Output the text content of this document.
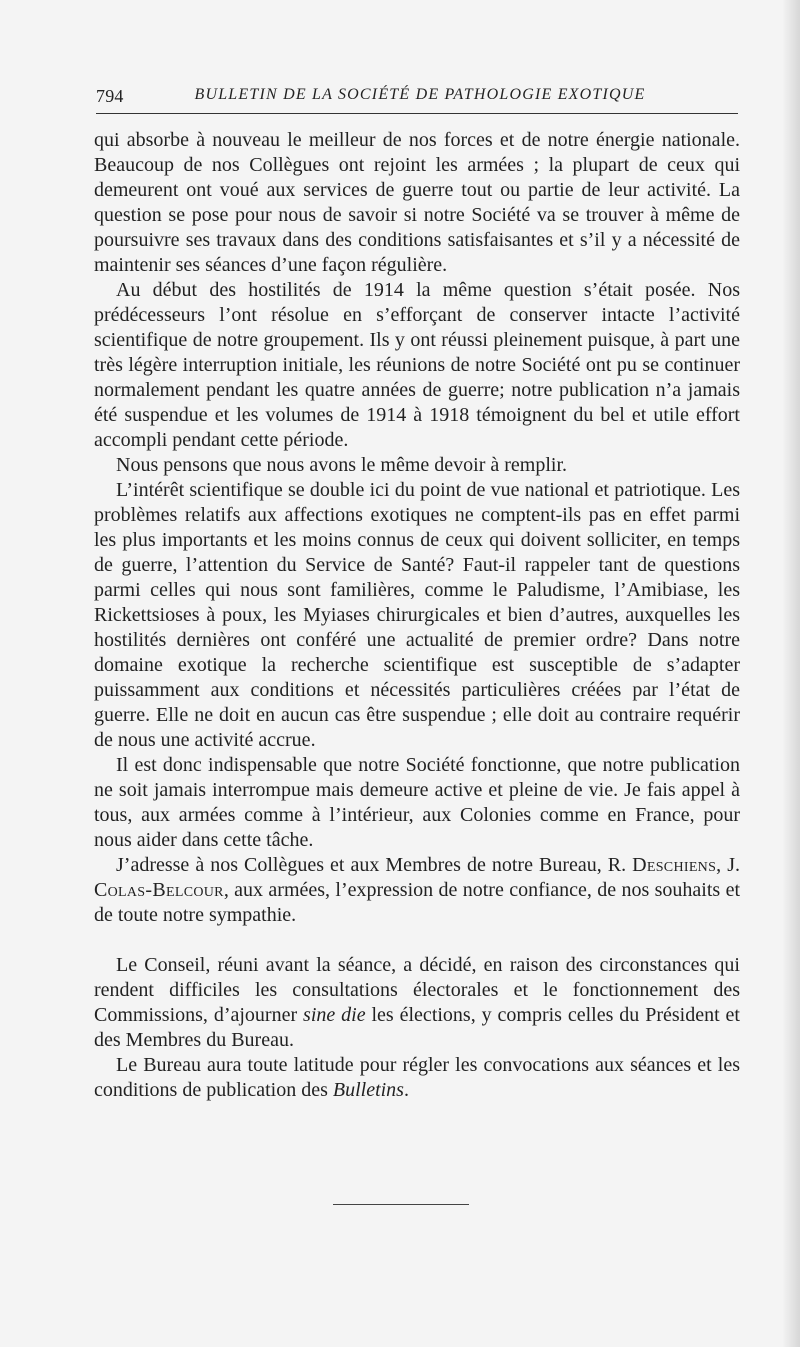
794	BULLETIN DE LA SOCIÉTÉ DE PATHOLOGIE EXOTIQUE

qui absorbe à nouveau le meilleur de nos forces et de notre énergie nationale. Beaucoup de nos Collègues ont rejoint les armées ; la plupart de ceux qui demeurent ont voué aux services de guerre tout ou partie de leur activité. La question se pose pour nous de savoir si notre Société va se trouver à même de poursuivre ses travaux dans des conditions satisfaisantes et s’il y a nécessité de maintenir ses séances d’une façon régulière.

Au début des hostilités de 1914 la même question s’était posée. Nos prédécesseurs l’ont résolue en s’efforçant de conserver intacte l’activité scientifique de notre groupement. Ils y ont réussi pleinement puisque, à part une très légère interruption initiale, les réunions de notre Société ont pu se continuer normalement pendant les quatre années de guerre; notre publication n’a jamais été suspendue et les volumes de 1914 à 1918 témoignent du bel et utile effort accompli pendant cette période.

Nous pensons que nous avons le même devoir à remplir.

L’intérêt scientifique se double ici du point de vue national et patriotique. Les problèmes relatifs aux affections exotiques ne comptent-ils pas en effet parmi les plus importants et les moins connus de ceux qui doivent solliciter, en temps de guerre, l’attention du Service de Santé? Faut-il rappeler tant de questions parmi celles qui nous sont familières, comme le Paludisme, l’Amibiase, les Rickettsioses à poux, les Myiases chirurgicales et bien d’autres, auxquelles les hostilités dernières ont conféré une actualité de premier ordre? Dans notre domaine exotique la recherche scientifique est susceptible de s’adapter puissamment aux conditions et nécessités particulières créées par l’état de guerre. Elle ne doit en aucun cas être suspendue ; elle doit au contraire requérir de nous une activité accrue.

Il est donc indispensable que notre Société fonctionne, que notre publication ne soit jamais interrompue mais demeure active et pleine de vie. Je fais appel à tous, aux armées comme à l’intérieur, aux Colonies comme en France, pour nous aider dans cette tâche.

J’adresse à nos Collègues et aux Membres de notre Bureau, R. Deschiens, J. Colas-Belcour, aux armées, l’expression de notre confiance, de nos souhaits et de toute notre sympathie.

Le Conseil, réuni avant la séance, a décidé, en raison des circonstances qui rendent difficiles les consultations électorales et le fonctionnement des Commissions, d’ajourner sine die les élections, y compris celles du Président et des Membres du Bureau.

Le Bureau aura toute latitude pour régler les convocations aux séances et les conditions de publication des Bulletins.
